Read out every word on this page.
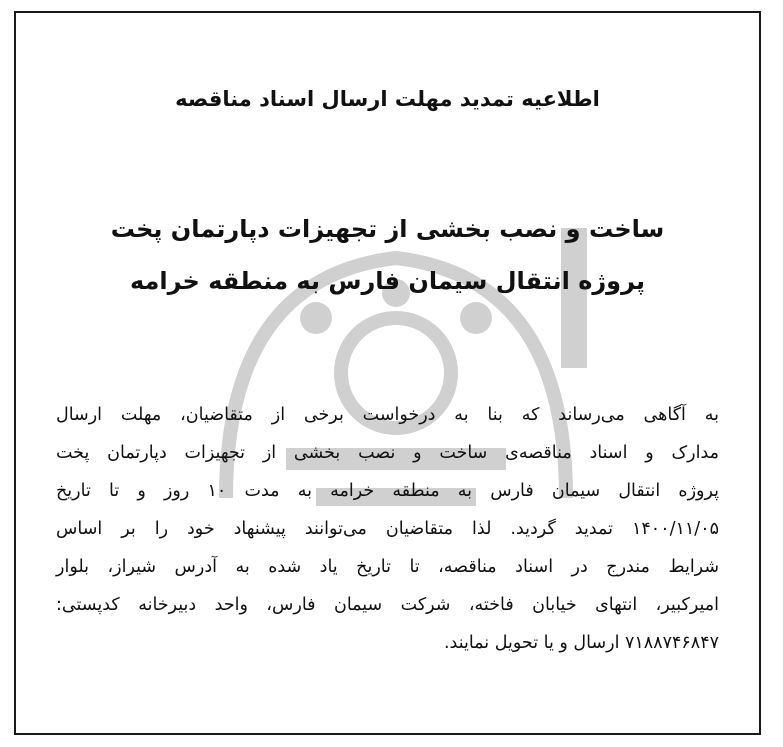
اطلاعیه تمدید مهلت ارسال اسناد مناقصه
ساخت و نصب بخشی از تجهیزات دپارتمان پخت
پروژه انتقال سیمان فارس به منطقه خرامه
به آگاهی می‌رساند که بنا به درخواست برخی از متقاضیان، مهلت ارسال
مدارک و اسناد مناقصه‌ی ساخت و نصب بخشی از تجهیزات دپارتمان پخت
پروژه انتقال سیمان فارس به منطقه خرامه به مدت ۱۰ روز و تا تاریخ
۱۴۰۰/۱۱/۰۵ تمدید گردید. لذا متقاضیان می‌توانند پیشنهاد خود را بر اساس
شرایط مندرج در اسناد مناقصه، تا تاریخ یاد شده به آدرس شیراز، بلوار
امیرکبیر، انتهای خیابان فاخته، شرکت سیمان فارس، واحد دبیرخانه کدپستی:
۷۱۸۸۷۴۶۸۴۷ ارسال و یا تحویل نمایند.
